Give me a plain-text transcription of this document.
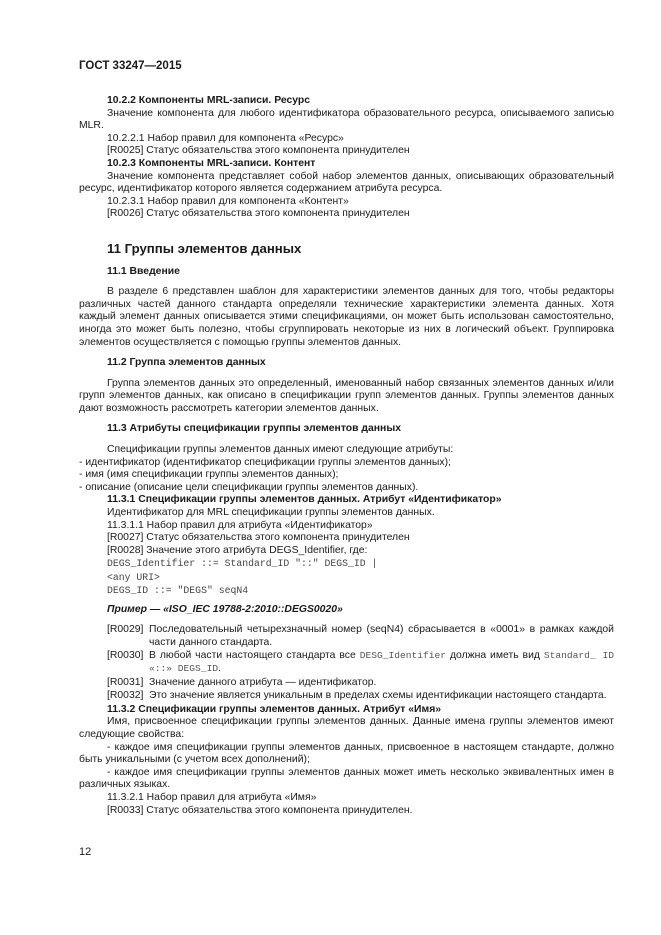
ГОСТ 33247—2015

10.2.2 Компоненты MRL-записи. Ресурс

Значение компонента для любого идентификатора образовательного ресурса, описываемого записью MLR.

10.2.2.1 Набор правил для компонента «Ресурс»

[R0025] Статус обязательства этого компонента принудителен

10.2.3 Компоненты MRL-записи. Контент

Значение компонента представляет собой набор элементов данных, описывающих образовательный ресурс, идентификатор которого является содержанием атрибута ресурса.

10.2.3.1 Набор правил для компонента «Контент»

[R0026] Статус обязательства этого компонента принудителен

11 Группы элементов данных
11.1 Введение

В разделе 6 представлен шаблон для характеристики элементов данных для того, чтобы редакторы различных частей данного стандарта определяли технические характеристики элемента данных. Хотя каждый элемент данных описывается этими спецификациями, он может быть использован самостоятельно, иногда это может быть полезно, чтобы сгруппировать некоторые из них в логический объект. Группировка элементов осуществляется с помощью группы элементов данных.

11.2 Группа элементов данных

Группа элементов данных это определенный, именованный набор связанных элементов данных и/или групп элементов данных, как описано в спецификации групп элементов данных. Группы элементов данных дают возможность рассмотреть категории элементов данных.

11.3 Атрибуты спецификации группы элементов данных

Спецификации группы элементов данных имеют следующие атрибуты:

- идентификатор (идентификатор спецификации группы элементов данных);

- имя (имя спецификации группы элементов данных);

- описание (описание цели спецификации группы элементов данных).

11.3.1 Спецификации группы элементов данных. Атрибут «Идентификатор»

Идентификатор для MRL спецификации группы элементов данных.

11.3.1.1 Набор правил для атрибута «Идентификатор»

[R0027] Статус обязательства этого компонента принудителен

[R0028] Значение этого атрибута DEGS_Identifier, где:

DEGS_Identifier ::= Standard_ID "::" DEGS_ID |
<any URI>
DEGS_ID ::= "DEGS" seqN4
Пример — «ISO_IEC 19788-2:2010::DEGS0020»
[R0029] Последовательный четырехзначный номер (seqN4) сбрасывается в «0001» в рамках каждой части данного стандарта.
[R0030] В любой части настоящего стандарта все DESG_Identifier должна иметь вид Standard_ ID «::» DEGS_ID.
[R0031] Значение данного атрибута — идентификатор.
[R0032] Это значение является уникальным в пределах схемы идентификации настоящего стандарта.

11.3.2 Спецификации группы элементов данных. Атрибут «Имя»

Имя, присвоенное спецификации группы элементов данных. Данные имена группы элементов имеют следующие свойства:

- каждое имя спецификации группы элементов данных, присвоенное в настоящем стандарте, должно быть уникальными (с учетом всех дополнений);

- каждое имя спецификации группы элементов данных может иметь несколько эквивалентных имен в различных языках.

11.3.2.1 Набор правил для атрибута «Имя»

[R0033] Статус обязательства этого компонента принудителен.

12
